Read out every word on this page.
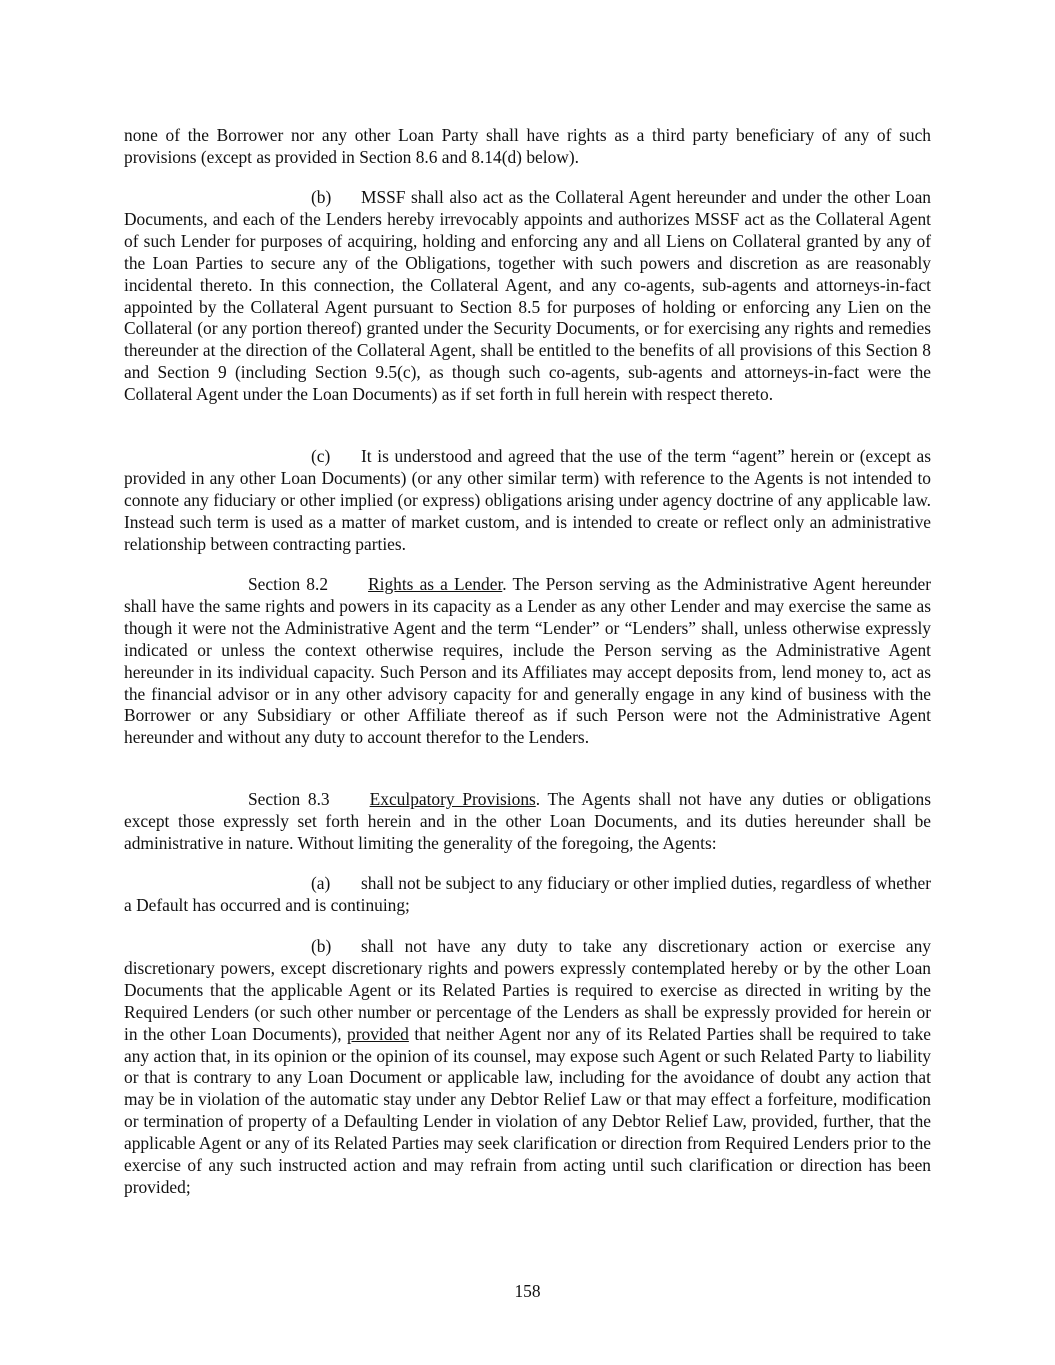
none of the Borrower nor any other Loan Party shall have rights as a third party beneficiary of any of such provisions (except as provided in Section 8.6 and 8.14(d) below).

(b) MSSF shall also act as the Collateral Agent hereunder and under the other Loan Documents, and each of the Lenders hereby irrevocably appoints and authorizes MSSF act as the Collateral Agent of such Lender for purposes of acquiring, holding and enforcing any and all Liens on Collateral granted by any of the Loan Parties to secure any of the Obligations, together with such powers and discretion as are reasonably incidental thereto. In this connection, the Collateral Agent, and any co-agents, sub-agents and attorneys-in-fact appointed by the Collateral Agent pursuant to Section 8.5 for purposes of holding or enforcing any Lien on the Collateral (or any portion thereof) granted under the Security Documents, or for exercising any rights and remedies thereunder at the direction of the Collateral Agent, shall be entitled to the benefits of all provisions of this Section 8 and Section 9 (including Section 9.5(c), as though such co-agents, sub-agents and attorneys-in-fact were the Collateral Agent under the Loan Documents) as if set forth in full herein with respect thereto.

(c) It is understood and agreed that the use of the term “agent” herein or (except as provided in any other Loan Documents) (or any other similar term) with reference to the Agents is not intended to connote any fiduciary or other implied (or express) obligations arising under agency doctrine of any applicable law. Instead such term is used as a matter of market custom, and is intended to create or reflect only an administrative relationship between contracting parties.

Section 8.2 Rights as a Lender. The Person serving as the Administrative Agent hereunder shall have the same rights and powers in its capacity as a Lender as any other Lender and may exercise the same as though it were not the Administrative Agent and the term “Lender” or “Lenders” shall, unless otherwise expressly indicated or unless the context otherwise requires, include the Person serving as the Administrative Agent hereunder in its individual capacity. Such Person and its Affiliates may accept deposits from, lend money to, act as the financial advisor or in any other advisory capacity for and generally engage in any kind of business with the Borrower or any Subsidiary or other Affiliate thereof as if such Person were not the Administrative Agent hereunder and without any duty to account therefor to the Lenders.

Section 8.3 Exculpatory Provisions. The Agents shall not have any duties or obligations except those expressly set forth herein and in the other Loan Documents, and its duties hereunder shall be administrative in nature. Without limiting the generality of the foregoing, the Agents:

(a) shall not be subject to any fiduciary or other implied duties, regardless of whether a Default has occurred and is continuing;

(b) shall not have any duty to take any discretionary action or exercise any discretionary powers, except discretionary rights and powers expressly contemplated hereby or by the other Loan Documents that the applicable Agent or its Related Parties is required to exercise as directed in writing by the Required Lenders (or such other number or percentage of the Lenders as shall be expressly provided for herein or in the other Loan Documents), provided that neither Agent nor any of its Related Parties shall be required to take any action that, in its opinion or the opinion of its counsel, may expose such Agent or such Related Party to liability or that is contrary to any Loan Document or applicable law, including for the avoidance of doubt any action that may be in violation of the automatic stay under any Debtor Relief Law or that may effect a forfeiture, modification or termination of property of a Defaulting Lender in violation of any Debtor Relief Law, provided, further, that the applicable Agent or any of its Related Parties may seek clarification or direction from Required Lenders prior to the exercise of any such instructed action and may refrain from acting until such clarification or direction has been provided;

158
